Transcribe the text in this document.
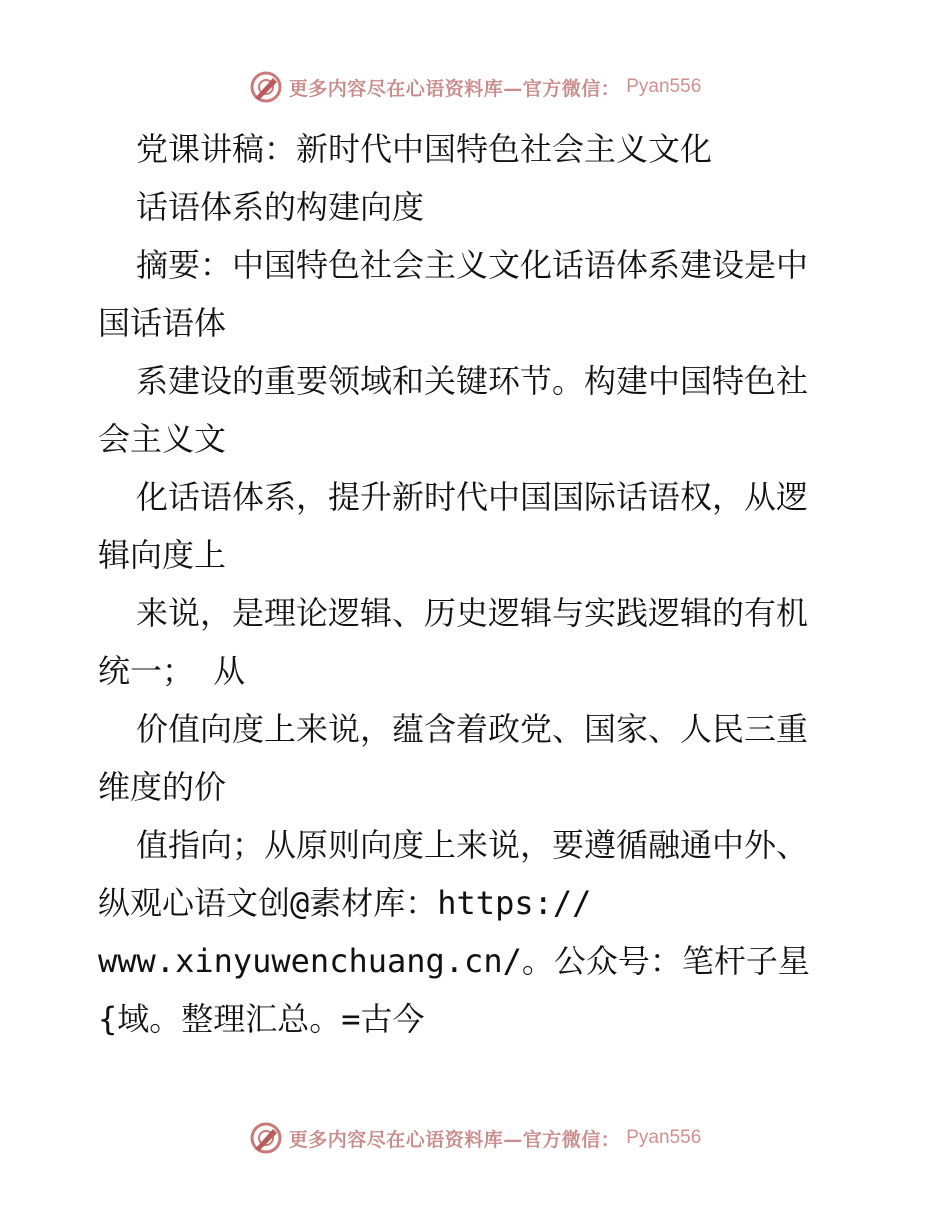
更多内容尽在心语资料库—官方微信： Pyan556
党课讲稿：新时代中国特色社会主义文化
话语体系的构建向度
摘要：中国特色社会主义文化话语体系建设是中
国话语体
系建设的重要领域和关键环节。构建中国特色社
会主义文
化话语体系，提升新时代中国国际话语权，从逻
辑向度上
来说，是理论逻辑、历史逻辑与实践逻辑的有机
统一； 从
价值向度上来说，蕴含着政党、国家、人民三重
维度的价
值指向；从原则向度上来说，要遵循融通中外、
纵观心语文创@素材库：https://
www.xinyuwenchuang.cn/。公众号：笔杆子星
{域。整理汇总。=古今
更多内容尽在心语资料库—官方微信： Pyan556
